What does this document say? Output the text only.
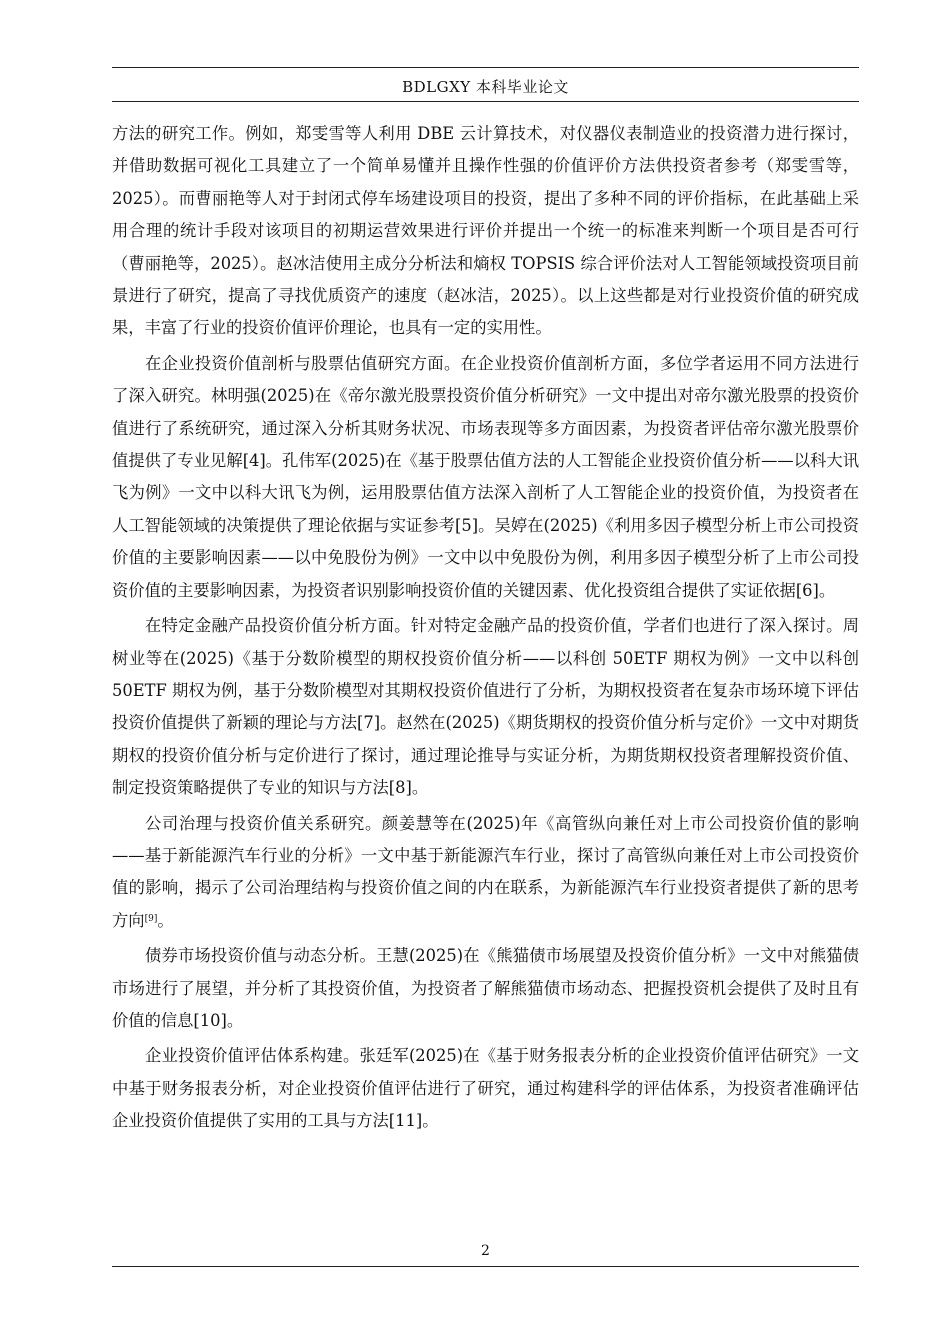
BDLGXY 本科毕业论文

方法的研究工作。例如，郑雯雪等人利用 DBE 云计算技术，对仪器仪表制造业的投资潜力进行探讨，并借助数据可视化工具建立了一个简单易懂并且操作性强的价值评价方法供投资者参考（郑雯雪等，2025）。而曹丽艳等人对于封闭式停车场建设项目的投资，提出了多种不同的评价指标，在此基础上采用合理的统计手段对该项目的初期运营效果进行评价并提出一个统一的标准来判断一个项目是否可行（曹丽艳等，2025）。赵冰洁使用主成分分析法和熵权 TOPSIS 综合评价法对人工智能领域投资项目前景进行了研究，提高了寻找优质资产的速度（赵冰洁，2025）。以上这些都是对行业投资价值的研究成果，丰富了行业的投资价值评价理论，也具有一定的实用性。

在企业投资价值剖析与股票估值研究方面。在企业投资价值剖析方面，多位学者运用不同方法进行了深入研究。林明强(2025)在《帝尔激光股票投资价值分析研究》一文中提出对帝尔激光股票的投资价值进行了系统研究，通过深入分析其财务状况、市场表现等多方面因素，为投资者评估帝尔激光股票价值提供了专业见解[4]。孔伟军(2025)在《基于股票估值方法的人工智能企业投资价值分析——以科大讯飞为例》一文中以科大讯飞为例，运用股票估值方法深入剖析了人工智能企业的投资价值，为投资者在人工智能领域的决策提供了理论依据与实证参考[5]。吴婷在(2025)《利用多因子模型分析上市公司投资价值的主要影响因素——以中免股份为例》一文中以中免股份为例，利用多因子模型分析了上市公司投资价值的主要影响因素，为投资者识别影响投资价值的关键因素、优化投资组合提供了实证依据[6]。

在特定金融产品投资价值分析方面。针对特定金融产品的投资价值，学者们也进行了深入探讨。周树业等在(2025)《基于分数阶模型的期权投资价值分析——以科创 50ETF 期权为例》一文中以科创 50ETF 期权为例，基于分数阶模型对其期权投资价值进行了分析，为期权投资者在复杂市场环境下评估投资价值提供了新颖的理论与方法[7]。赵然在(2025)《期货期权的投资价值分析与定价》一文中对期货期权的投资价值分析与定价进行了探讨，通过理论推导与实证分析，为期货期权投资者理解投资价值、制定投资策略提供了专业的知识与方法[8]。

公司治理与投资价值关系研究。颜姜慧等在(2025)年《高管纵向兼任对上市公司投资价值的影响——基于新能源汽车行业的分析》一文中基于新能源汽车行业，探讨了高管纵向兼任对上市公司投资价值的影响，揭示了公司治理结构与投资价值之间的内在联系，为新能源汽车行业投资者提供了新的思考方向[9]。

债券市场投资价值与动态分析。王慧(2025)在《熊猫债市场展望及投资价值分析》一文中对熊猫债市场进行了展望，并分析了其投资价值，为投资者了解熊猫债市场动态、把握投资机会提供了及时且有价值的信息[10]。

企业投资价值评估体系构建。张廷军(2025)在《基于财务报表分析的企业投资价值评估研究》一文中基于财务报表分析，对企业投资价值评估进行了研究，通过构建科学的评估体系，为投资者准确评估企业投资价值提供了实用的工具与方法[11]。

2
